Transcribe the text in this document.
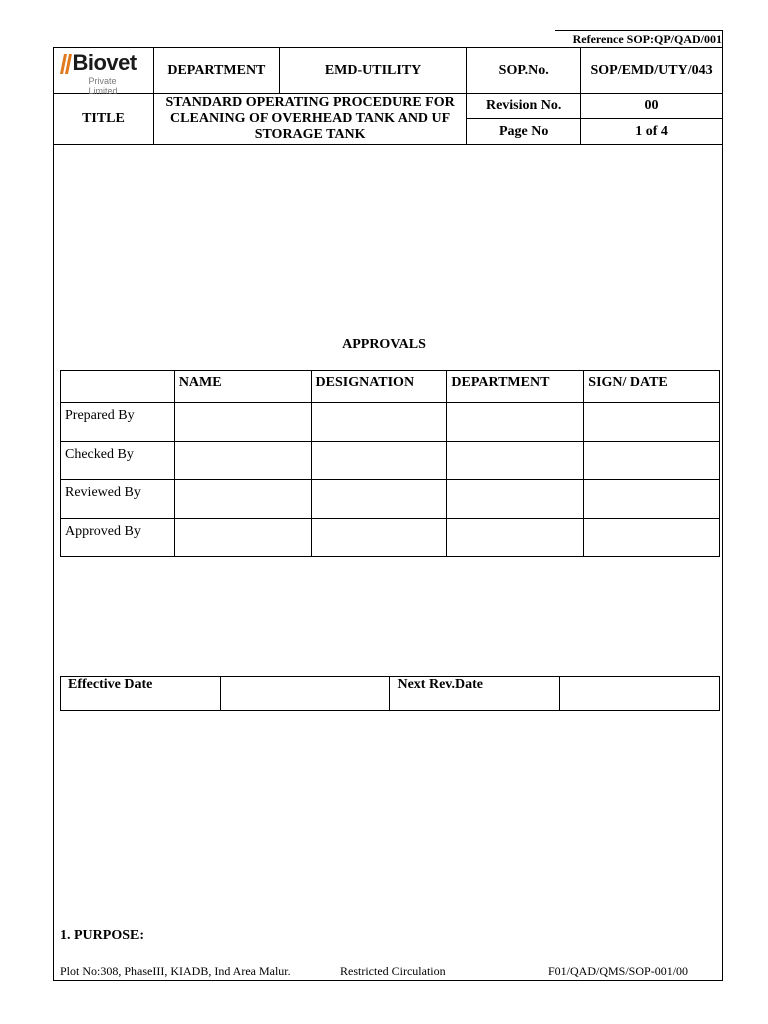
Reference SOP:QP/QAD/001
Biovet
Private Limited	DEPARTMENT	EMD-UTILITY	SOP.No.	SOP/EMD/UTY/043
TITLE	STANDARD OPERATING PROCEDURE FOR CLEANING OF OVERHEAD TANK AND UF STORAGE TANK		Revision No.	00
			Page No	1 of 4
APPROVALS
	NAME	DESIGNATION	DEPARTMENT	SIGN/ DATE
Prepared By				
Checked By				
Reviewed By				
Approved By				
Effective Date		Next Rev.Date	
1. PURPOSE:
Plot No:308, PhaseIII, KIADB, Ind Area Malur.	Restricted Circulation	F01/QAD/QMS/SOP-001/00
